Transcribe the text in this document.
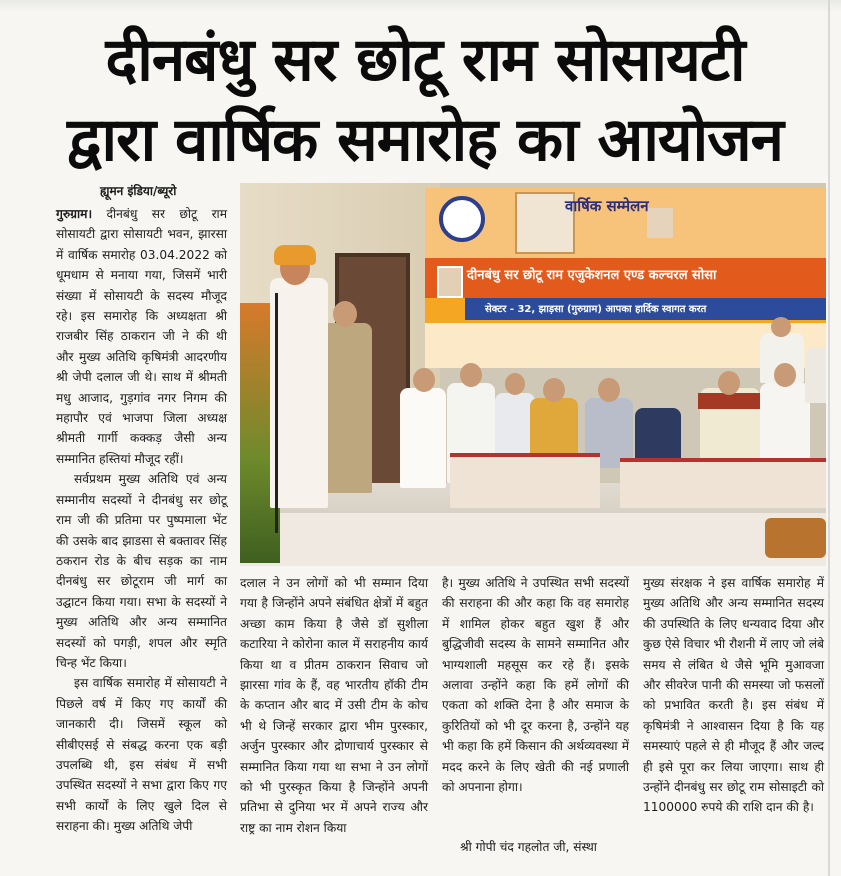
दीनबंधु सर छोटू राम सोसायटी
द्वारा वार्षिक समारोह का आयोजन
ह्यूमन इंडिया/ब्यूरो

गुरुग्राम। दीनबंधु सर छोटू राम सोसायटी द्वारा सोसायटी भवन, झारसा में वार्षिक समारोह 03.04.2022 को धूमधाम से मनाया गया, जिसमें भारी संख्या में सोसायटी के सदस्य मौजूद रहे। इस समारोह कि अध्यक्षता श्री राजबीर सिंह ठाकरान जी ने की थी और मुख्य अतिथि कृषिमंत्री आदरणीय श्री जेपी दलाल जी थे। साथ में श्रीमती मधु आजाद, गुड़गांव नगर निगम की महापौर एवं भाजपा जिला अध्यक्ष श्रीमती गार्गी कक्कड़ जैसी अन्य सम्मानित हस्तियां मौजूद रहीं।

सर्वप्रथम मुख्य अतिथि एवं अन्य सम्मानीय सदस्यों ने दीनबंधु सर छोटू राम जी की प्रतिमा पर पुष्पमाला भेंट की उसके बाद झाडसा से बक्तावर सिंह ठकरान रोड के बीच सड़क का नाम दीनबंधु सर छोटूराम जी मार्ग का उद्घाटन किया गया। सभा के सदस्यों ने मुख्य अतिथि और अन्य सम्मानित सदस्यों को पगड़ी, शपल और स्मृति चिन्ह भेंट किया।

इस वार्षिक समारोह में सोसायटी ने पिछले वर्ष में किए गए कार्यों की जानकारी दी। जिसमें स्कूल को सीबीएसई से संबद्ध करना एक बड़ी उपलब्धि थी, इस संबंध में सभी उपस्थित सदस्यों ने सभा द्वारा किए गए सभी कार्यों के लिए खुले दिल से सराहना की। मुख्य अतिथि जेपी

वार्षिक सम्मेलन
दीनबंधु सर छोटू राम एजुकेशनल एण्ड कल्चरल सोसा
सेक्टर - 32, झाड़सा (गुरुग्राम) आपका हार्दिक स्वागत करत

दलाल ने उन लोगों को भी सम्मान दिया गया है जिन्होंने अपने संबंधित क्षेत्रों में बहुत अच्छा काम किया है जैसे डॉ सुशीला कटारिया ने कोरोना काल में सराहनीय कार्य किया था व प्रीतम ठाकरान सिवाच जो झारसा गांव के हैं, वह भारतीय हॉकी टीम के कप्तान और बाद में उसी टीम के कोच भी थे जिन्हें सरकार द्वारा भीम पुरस्कार, अर्जुन पुरस्कार और द्रोणाचार्य पुरस्कार से सम्मानित किया गया था सभा ने उन लोगों को भी पुरस्कृत किया है जिन्होंने अपनी प्रतिभा से दुनिया भर में अपने राज्य और राष्ट्र का नाम रोशन किया

है। मुख्य अतिथि ने उपस्थित सभी सदस्यों की सराहना की और कहा कि वह समारोह में शामिल होकर बहुत खुश हैं और बुद्धिजीवी सदस्य के सामने सम्मानित और भाग्यशाली महसूस कर रहे हैं। इसके अलावा उन्होंने कहा कि हमें लोगों की एकता को शक्ति देना है और समाज के कुरितियों को भी दूर करना है, उन्होंने यह भी कहा कि हमें किसान की अर्थव्यवस्था में मदद करने के लिए खेती की नई प्रणाली को अपनाना होगा।

श्री गोपी चंद गहलोत जी, संस्था

मुख्य संरक्षक ने इस वार्षिक समारोह में मुख्य अतिथि और अन्य सम्मानित सदस्य की उपस्थिति के लिए धन्यवाद दिया और कुछ ऐसे विचार भी रौशनी में लाए जो लंबे समय से लंबित थे जैसे भूमि मुआवजा और सीवरेज पानी की समस्या जो फसलों को प्रभावित करती है। इस संबंध में कृषिमंत्री ने आश्वासन दिया है कि यह समस्याएं पहले से ही मौजूद हैं और जल्द ही इसे पूरा कर लिया जाएगा। साथ ही उन्होंने दीनबंधु सर छोटू राम सोसाइटी को 1100000 रुपये की राशि दान की है।
